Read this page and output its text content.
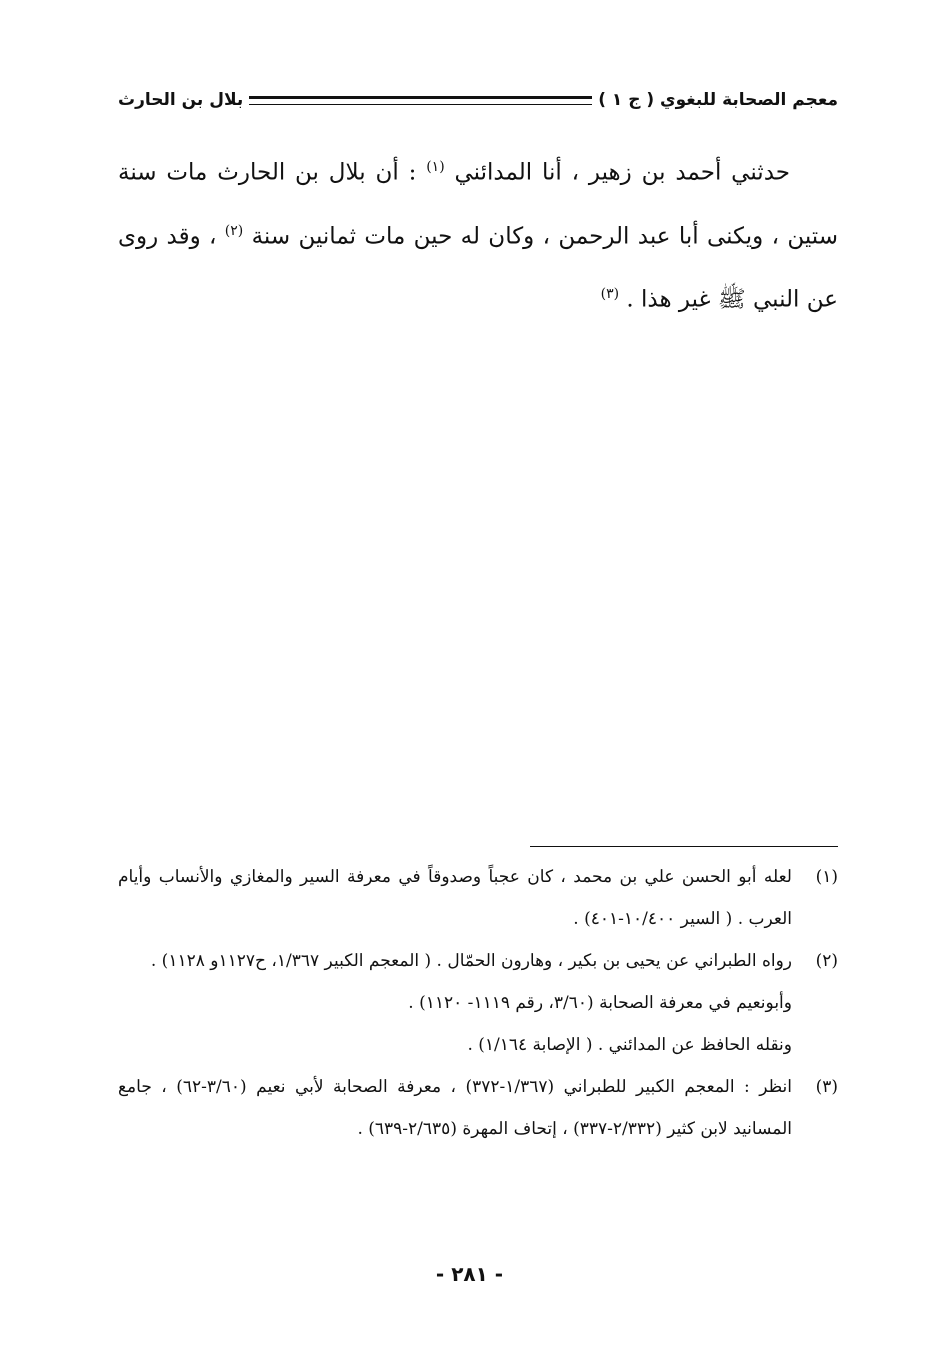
معجم الصحابة للبغوي ( ج ١ )
بلال بن الحارث

حدثني أحمد بن زهير ، أنا المدائني $^{(١)}$ : أن بلال بن الحارث مات سنة ستين ، ويكنى أبا عبد الرحمن ، وكان له حين مات ثمانين سنة $^{(٢)}$ ، وقد روى عن النبي ﷺ غير هذا . $^{(٣)}$

(١)

لعله أبو الحسن علي بن محمد ، كان عجباً وصدوقاً في معرفة السير والمغازي والأنساب وأيام العرب . ( السير ١٠/٤٠٠-٤٠١) .

(٢)

رواه الطبراني عن يحيى بن بكير ، وهارون الحمّال . ( المعجم الكبير ١/٣٦٧، ح١١٢٧و ١١٢٨) .

وأبونعيم في معرفة الصحابة (٣/٦٠، رقم ١١١٩- ١١٢٠) .

ونقله الحافظ عن المدائني . ( الإصابة ١/١٦٤) .

(٣)

انظر : المعجم الكبير للطبراني (١/٣٦٧-٣٧٢) ، معرفة الصحابة لأبي نعيم (٣/٦٠-٦٢) ، جامع المسانيد لابن كثير (٢/٣٣٢-٣٣٧) ، إتحاف المهرة (٢/٦٣٥-٦٣٩) .

- ٢٨١ -
